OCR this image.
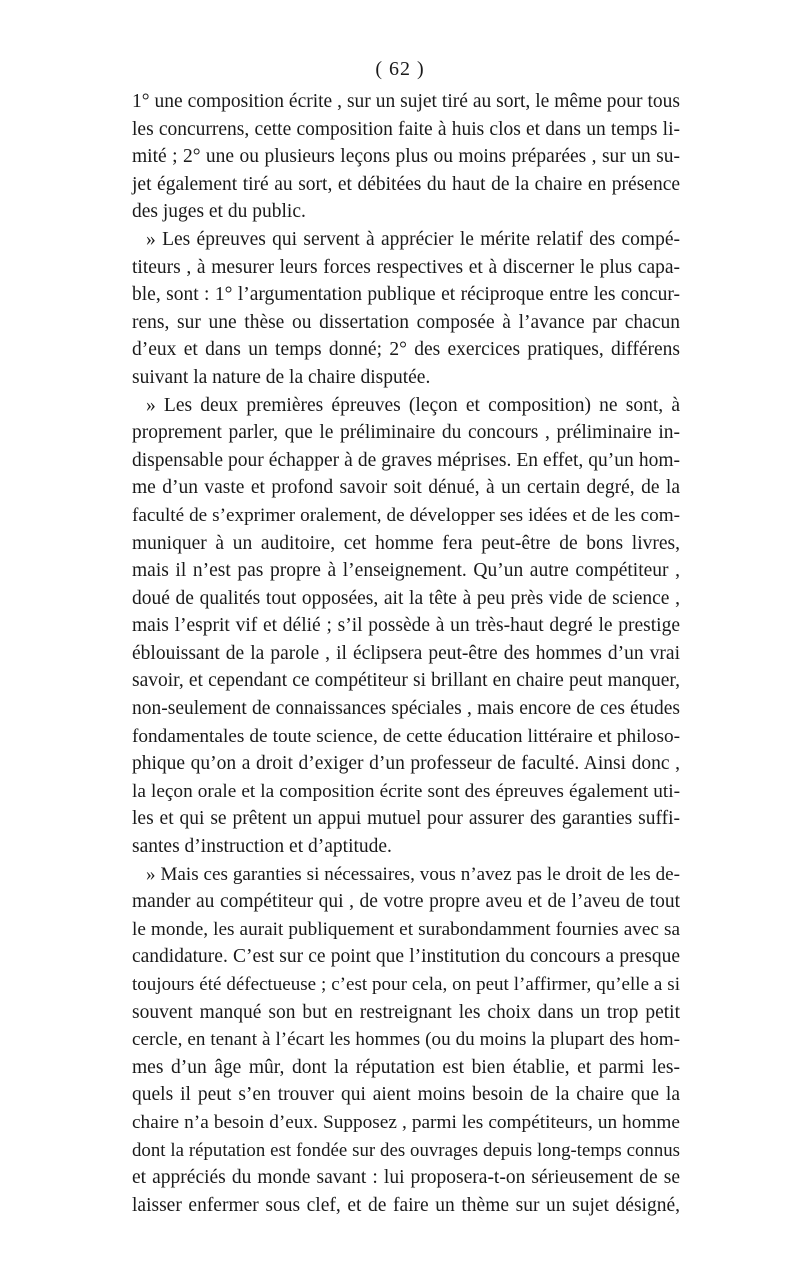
( 62 )
1° une composition écrite , sur un sujet tiré au sort, le même pour tous
les concurrens, cette composition faite à huis clos et dans un temps li-
mité ; 2° une ou plusieurs leçons plus ou moins préparées , sur un su-
jet également tiré au sort, et débitées du haut de la chaire en présence
des juges et du public.
» Les épreuves qui servent à apprécier le mérite relatif des compé-
titeurs , à mesurer leurs forces respectives et à discerner le plus capa-
ble, sont : 1° l’argumentation publique et réciproque entre les concur-
rens, sur une thèse ou dissertation composée à l’avance par chacun
d’eux et dans un temps donné; 2° des exercices pratiques, différens
suivant la nature de la chaire disputée.
» Les deux premières épreuves (leçon et composition) ne sont, à
proprement parler, que le préliminaire du concours , préliminaire in-
dispensable pour échapper à de graves méprises. En effet, qu’un hom-
me d’un vaste et profond savoir soit dénué, à un certain degré, de la
faculté de s’exprimer oralement, de développer ses idées et de les com-
muniquer à un auditoire, cet homme fera peut-être de bons livres,
mais il n’est pas propre à l’enseignement. Qu’un autre compétiteur ,
doué de qualités tout opposées, ait la tête à peu près vide de science ,
mais l’esprit vif et délié ; s’il possède à un très-haut degré le prestige
éblouissant de la parole , il éclipsera peut-être des hommes d’un vrai
savoir, et cependant ce compétiteur si brillant en chaire peut manquer,
non-seulement de connaissances spéciales , mais encore de ces études
fondamentales de toute science, de cette éducation littéraire et philoso-
phique qu’on a droit d’exiger d’un professeur de faculté. Ainsi donc ,
la leçon orale et la composition écrite sont des épreuves également uti-
les et qui se prêtent un appui mutuel pour assurer des garanties suffi-
santes d’instruction et d’aptitude.
» Mais ces garanties si nécessaires, vous n’avez pas le droit de les de-
mander au compétiteur qui , de votre propre aveu et de l’aveu de tout
le monde, les aurait publiquement et surabondamment fournies avec sa
candidature. C’est sur ce point que l’institution du concours a presque
toujours été défectueuse ; c’est pour cela, on peut l’affirmer, qu’elle a si
souvent manqué son but en restreignant les choix dans un trop petit
cercle, en tenant à l’écart les hommes (ou du moins la plupart des hom-
mes d’un âge mûr, dont la réputation est bien établie, et parmi les-
quels il peut s’en trouver qui aient moins besoin de la chaire que la
chaire n’a besoin d’eux. Supposez , parmi les compétiteurs, un homme
dont la réputation est fondée sur des ouvrages depuis long-temps connus
et appréciés du monde savant : lui proposera-t-on sérieusement de se
laisser enfermer sous clef, et de faire un thème sur un sujet désigné,
